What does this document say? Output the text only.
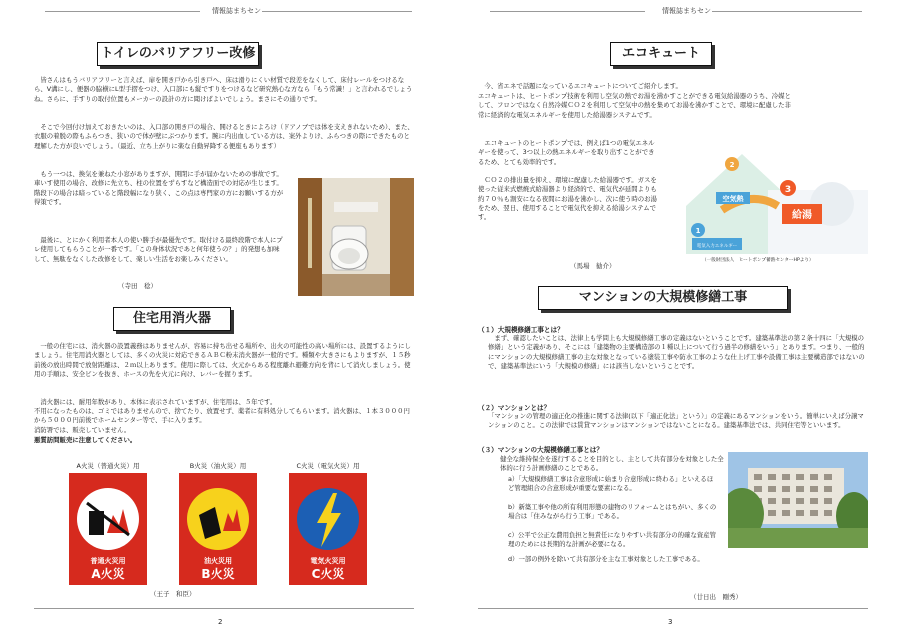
情報誌まちセン
トイレのバリアフリー改修

皆さんはもうバリアフリーと言えば、扉を開き戸から引き戸へ、床は滑りにくい材質で段差をなくして、床付レールをつけるなら、V溝にし、便器の脇横にL型手摺をつけ、入口部にも縦ですりをつけるなど研究熱心な方なら「もう常識！」と言われるでしょうね。さらに、手すりの取付位置もメーカーの設計の方に聞けばよいでしょう。まさにその通りです。

そこで今回付け加えておきたいのは、入口部の開き戸の場合、開けるときによろけ（ドアノブでは体を支えきれないため）、また、衣服の着脱の際もふらつき、狭いので体が壁にぶつかります。腕に内出血している方は、案外よりけ、ふらつきの際にできたものと理解した方が良いでしょう。（最近、立ち上がりに楽な自動昇降する便座もあります）

もう一つは、換気を兼ねた小窓がありますが、開閉に手が届かないための事故です。車いす使用の場合、改修に先立ち、柱の位置をずらすなど構造面での対応が生じます。階段下の場合は暗っていると階段幅になり狭く、この点は専門家の方にお願いする方が得策です。

最後に、とにかく利用者本人の使い勝手が最優先です。取付ける最終段階で本人にプレ使用してもらうことが一番です。「この身体状況であと何年使うの？」的発想も加味して、無駄をなくした改修をして、楽しい生活をお楽しみください。

（寺田　稔）
住宅用消火器

一般の住宅には、消火器の設置義務はありませんが、容易に持ち出せる場所や、出火の可能性の高い場所には、設置するようにしましょう。住宅用消火器としては、多くの火災に対応できるＡＢＣ粉末消火器が一般的です。種類や大きさにもよりますが、１５秒前後の放出時間で放射距離は、２ｍ以上あります。使用に際しては、火元からある程度離れ避難方向を背にして消火しましょう。使用の手順は、安全ピンを抜き、ホースの先を火元に向け、レバーを握ります。

消火器には、耐用年数があり、本体に表示されていますが、住宅用は、５年です。

不用になったものは、ゴミではありませんので、捨てたり、放置せず、薬者に有料処分してもらいます。消火器は、１本３０００円から５０００円前後でホームセンター等で、手に入ります。

消防署では、販売していません。

悪質訪問販売に注意してください。

A火災（普通火災）用
普通火災用
A火災
B火災（油火災）用
油火災用
B火災
C火災（電気火災）用
電気火災用
C火災
（王子　和臣）
2
情報誌まちセン
エコキュート

今、省エネで話題になっているエコキュートについてご紹介します。

エコキュートは、ヒートポンプ技術を利用し空気の熱でお湯を沸かすことができる電気給湯器のうち、冷媒として、フロンではなく自然冷媒ＣＯ２を利用して空気中の熱を集めてお湯を沸かすことで、環境に配慮した非常に経済的な電気エネルギーを使用した給湯器システムです。

エコキュートのヒートポンプでは、例えば1つの電気エネルギーを使って、3つ以上の熱エネルギーを取り出すことができるため、とても効率的です。

ＣＯ２の排出量を抑え、環境に配慮した給湯器です。ガスを使った従来式燃焼式給湯器より経済的で、電気代が延間よりも約７０％も割安になる夜間にお湯を沸かし、次に使う時のお湯をため、翌日、使用することで電気代を抑える給湯システムです。

2
1
3
空気熱
電気入力エネルギー
給湯
（一般財団法人　ヒートポンプ蓄熱センターHPより）
（馬場　勧介）
マンションの大規模修繕工事
（１）大規模修繕工事とは？

まず、確認したいことは、法律上も学問上も大規模修繕工事の定義はないということです。建築基準法の第２条十四に「大規模の修繕」という定義があり、そこには「建築物の主要構造部の１種以上について行う過半の修繕をいう」とあります。つまり、一般的にマンションの大規模修繕工事の主な対象となっている塗装工事や防水工事のような仕上げ工事や設備工事は主要構造部ではないので、建築基準法にいう「大規模の修繕」には該当しないということです。

（２）マンションとは？

「マンションの管理の適正化の推進に関する法律(以下「適正化法」という）」の定義にあるマンションをいう。簡単にいえば分譲マンションのこと。この法律では賃貸マンションはマンションではないことになる。建築基準法では、共同住宅等といいます。

（３）マンションの大規模修繕工事とは？

健全な維持保全を遂行することを目的とし、主として共有部分を対象とした全体的に行う計画修繕のことである。

a）「大規模修繕工事は合意形成に始まり合意形成に終わる」といえるほど管理組合の合意形成が重要な要素になる。

b）新築工事や他の所有利用形態の建物のリフォームとはちがい、多くの場合は「住みながら行う工事」である。

c）公平で公正な費用負担と無責任になりやすい共有部分の的確な資産管理のためには長期的な計画が必要になる。

d）一部の例外を除いて共有部分を主な工事対象とした工事である。

（廿日出　剛秀）
3
